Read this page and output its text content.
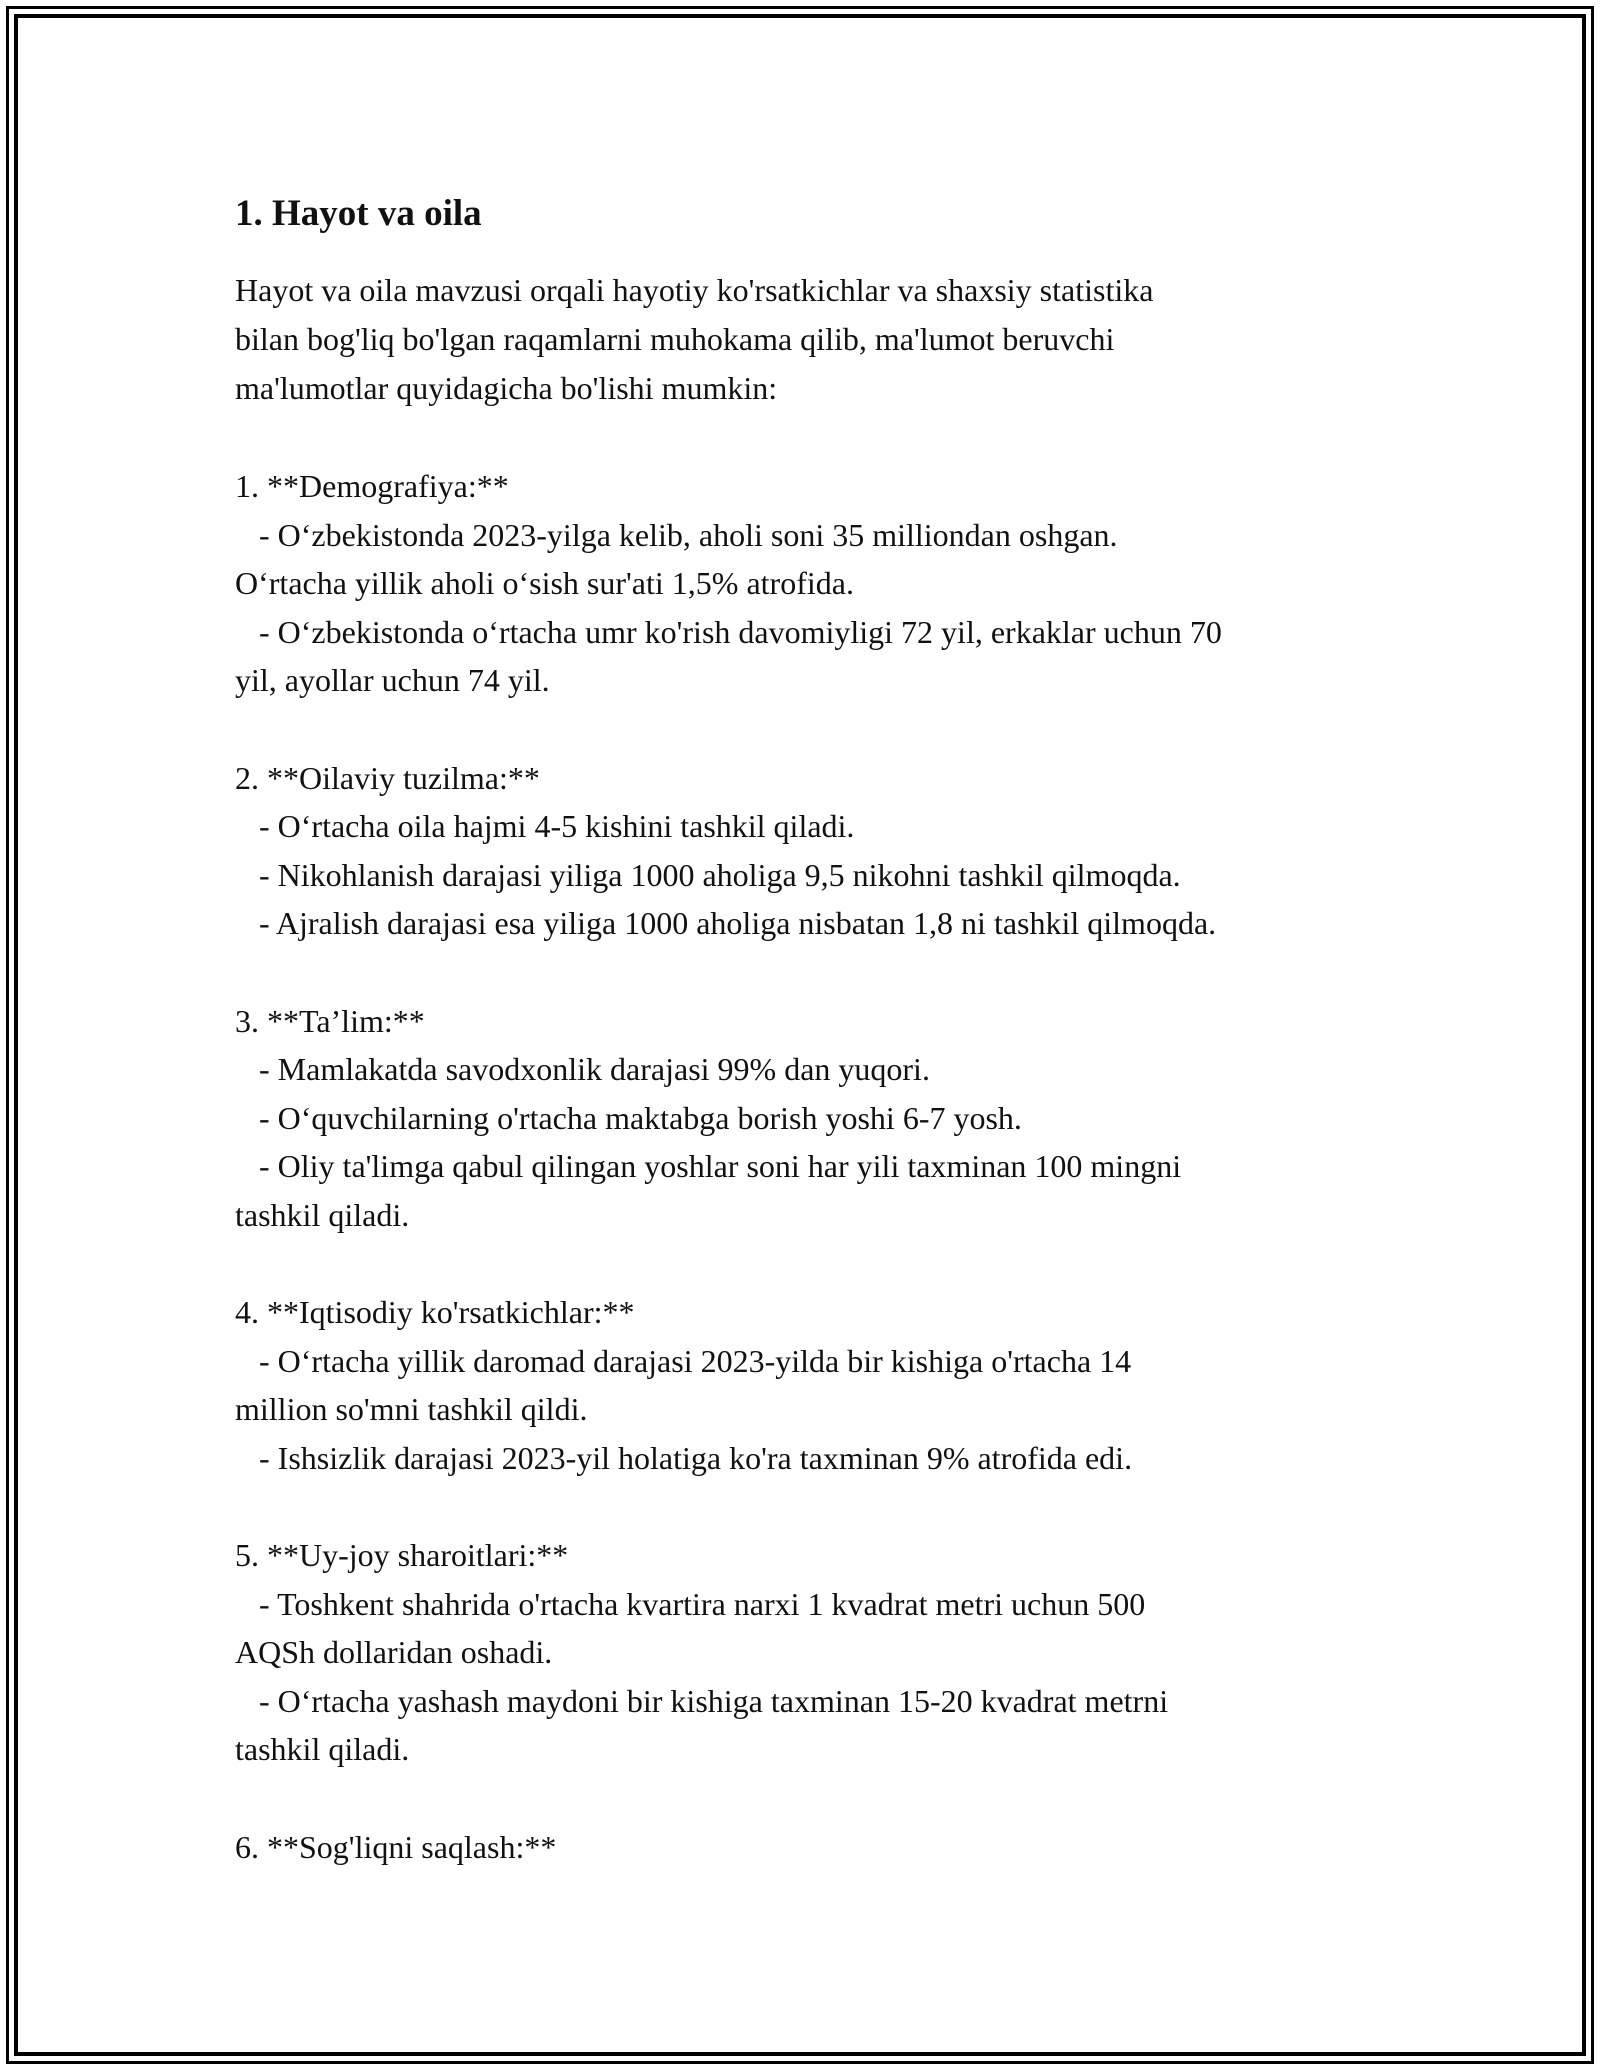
1. Hayot va oila
Hayot va oila mavzusi orqali hayotiy ko'rsatkichlar va shaxsiy statistika
bilan bog'liq bo'lgan raqamlarni muhokama qilib, ma'lumot beruvchi
ma'lumotlar quyidagicha bo'lishi mumkin:
1. **Demografiya:**
- O‘zbekistonda 2023-yilga kelib, aholi soni 35 milliondan oshgan.
O‘rtacha yillik aholi o‘sish sur'ati 1,5% atrofida.
- O‘zbekistonda o‘rtacha umr ko'rish davomiyligi 72 yil, erkaklar uchun 70
yil, ayollar uchun 74 yil.

2. **Oilaviy tuzilma:**
- O‘rtacha oila hajmi 4-5 kishini tashkil qiladi.
- Nikohlanish darajasi yiliga 1000 aholiga 9,5 nikohni tashkil qilmoqda.
- Ajralish darajasi esa yiliga 1000 aholiga nisbatan 1,8 ni tashkil qilmoqda.

3. **Ta’lim:**
- Mamlakatda savodxonlik darajasi 99% dan yuqori.
- O‘quvchilarning o'rtacha maktabga borish yoshi 6-7 yosh.
- Oliy ta'limga qabul qilingan yoshlar soni har yili taxminan 100 mingni
tashkil qiladi.

4. **Iqtisodiy ko'rsatkichlar:**
- O‘rtacha yillik daromad darajasi 2023-yilda bir kishiga o'rtacha 14
million so'mni tashkil qildi.
- Ishsizlik darajasi 2023-yil holatiga ko'ra taxminan 9% atrofida edi.

5. **Uy-joy sharoitlari:**
- Toshkent shahrida o'rtacha kvartira narxi 1 kvadrat metri uchun 500
AQSh dollaridan oshadi.
- O‘rtacha yashash maydoni bir kishiga taxminan 15-20 kvadrat metrni
tashkil qiladi.

6. **Sog'liqni saqlash:**
